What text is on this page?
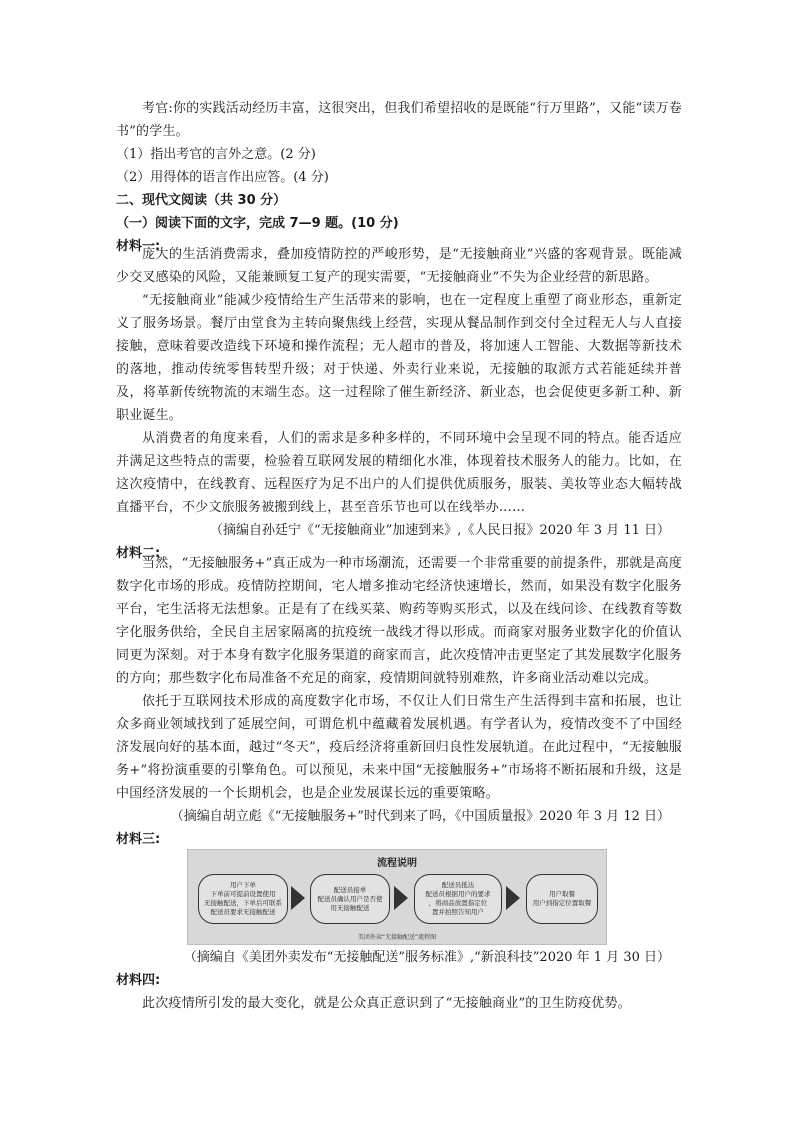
考官:你的实践活动经历丰富，这很突出，但我们希望招收的是既能“行万里路”，又能“读万卷书”的学生。

（1）指出考官的言外之意。(2 分)

（2）用得体的语言作出应答。(4 分)

二、现代文阅读（共 30 分）

（一）阅读下面的文字，完成 7—9 题。(10 分)

材料一:

庞大的生活消费需求，叠加疫情防控的严峻形势，是“无接触商业”兴盛的客观背景。既能减少交叉感染的风险，又能兼顾复工复产的现实需要，“无接触商业”不失为企业经营的新思路。

“无接触商业”能减少疫情给生产生活带来的影响，也在一定程度上重塑了商业形态，重新定义了服务场景。餐厅由堂食为主转向聚焦线上经营，实现从餐品制作到交付全过程无人与人直接接触，意味着要改造线下环境和操作流程；无人超市的普及，将加速人工智能、大数据等新技术的落地，推动传统零售转型升级；对于快递、外卖行业来说，无接触的取派方式若能延续并普及，将革新传统物流的末端生态。这一过程除了催生新经济、新业态，也会促使更多新工种、新职业诞生。

从消费者的角度来看，人们的需求是多种多样的，不同环境中会呈现不同的特点。能否适应并满足这些特点的需要，检验着互联网发展的精细化水准，体现着技术服务人的能力。比如，在这次疫情中，在线教育、远程医疗为足不出户的人们提供优质服务，服装、美妆等业态大幅转战直播平台，不少文旅服务被搬到线上，甚至音乐节也可以在线举办……

（摘编自孙廷宁《“无接触商业”加速到来》,《人民日报》2020 年 3 月 11 日）

材料二:

当然，“无接触服务+”真正成为一种市场潮流，还需要一个非常重要的前提条件，那就是高度数字化市场的形成。疫情防控期间，宅人增多推动宅经济快速增长，然而，如果没有数字化服务平台，宅生活将无法想象。正是有了在线买菜、购药等购买形式，以及在线问诊、在线教育等数字化服务供给，全民自主居家隔离的抗疫统一战线才得以形成。而商家对服务业数字化的价值认同更为深刻。对于本身有数字化服务渠道的商家而言，此次疫情冲击更坚定了其发展数字化服务的方向；那些数字化布局准备不充足的商家，疫情期间就特别难熬，许多商业活动难以完成。

依托于互联网技术形成的高度数字化市场，不仅让人们日常生产生活得到丰富和拓展，也让众多商业领域找到了延展空间，可谓危机中蕴藏着发展机遇。有学者认为，疫情改变不了中国经济发展向好的基本面，越过“冬天”，疫后经济将重新回归良性发展轨道。在此过程中，“无接触服务+”将扮演重要的引擎角色。可以预见，未来中国“无接触服务+”市场将不断拓展和升级，这是中国经济发展的一个长期机会，也是企业发展谋长远的重要策略。

（摘编自胡立彪《“无接触服务+”时代到来了吗，《中国质量报》2020 年 3 月 12 日）

材料三:

流程说明
用户下单
下单前可提前设置使用
无接触配送，下单后可联系
配送员要求无接触配送
配送员接单
配送员确认用户是否使
用无接触配送
配送员抵达
配送员根据用户的要求
，将商品放置指定位
置并拍照告知用户
用户取餐
用户到指定位置取餐
美团外卖“无接触配送”流程图

（摘编自《美团外卖发布“无接触配送”服务标准》,“新浪科技”2020 年 1 月 30 日）

材料四:

此次疫情所引发的最大变化，就是公众真正意识到了“无接触商业”的卫生防疫优势。
